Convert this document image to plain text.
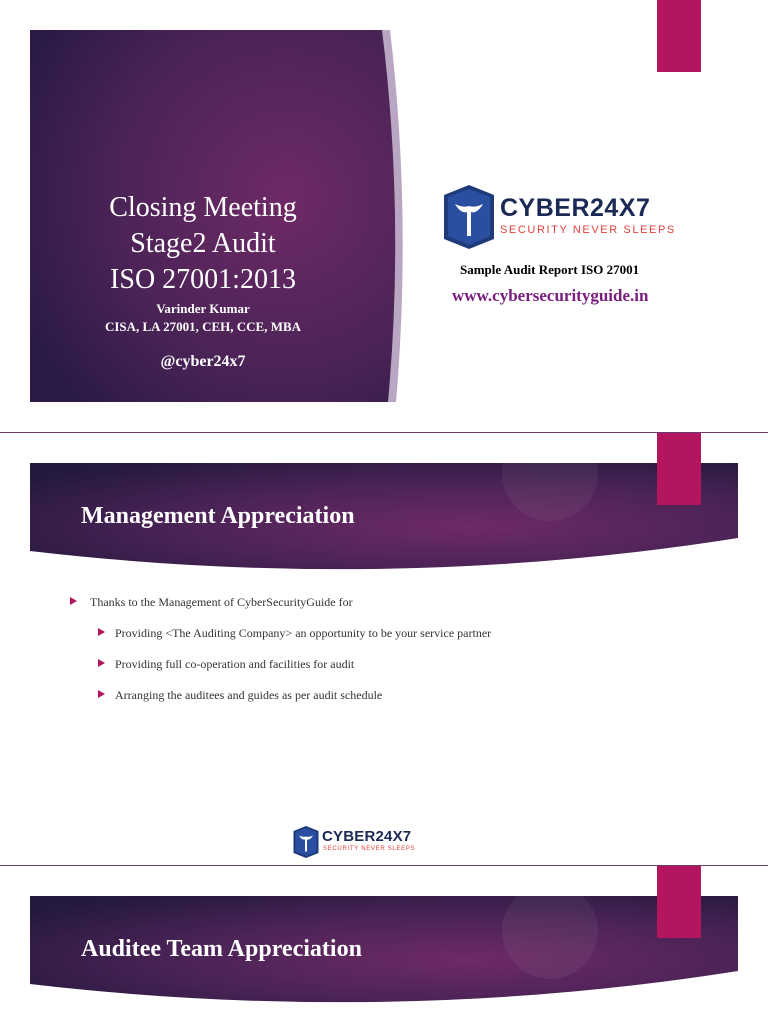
Closing Meeting
Stage2 Audit
ISO 27001:2013
Varinder Kumar
CISA, LA 27001, CEH, CCE, MBA
@cyber24x7
CYBER24X7
SECURITY NEVER SLEEPS
Sample Audit Report ISO 27001
www.cybersecurityguide.in
Management Appreciation
Thanks to the Management of CyberSecurityGuide for
Providing <The Auditing Company> an opportunity to be your service partner
Providing full co-operation and facilities for audit
Arranging the auditees and guides as per audit schedule
CYBER24X7
SECURITY NEVER SLEEPS
Auditee Team Appreciation
